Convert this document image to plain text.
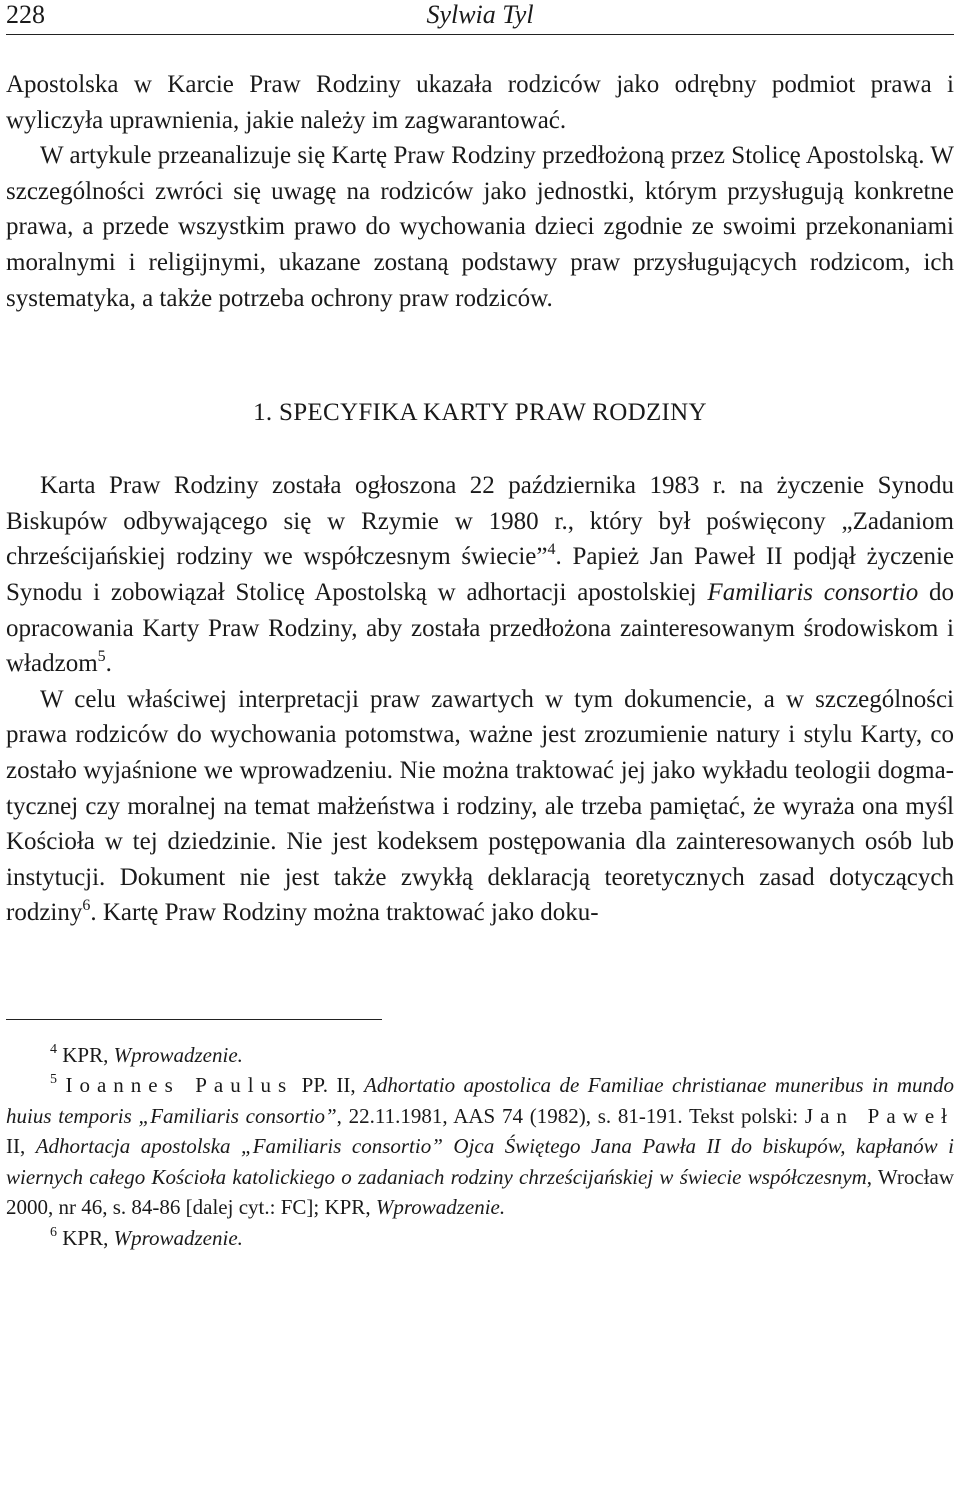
228	Sylwia Tyl

Apostolska w Karcie Praw Rodziny ukazała rodziców jako odrębny podmiot prawa i wyliczyła uprawnienia, jakie należy im zagwarantować.

W artykule przeanalizuje się Kartę Praw Rodziny przedłożoną przez Stolicę Apostolską. W szczególności zwróci się uwagę na rodziców jako jednostki, którym przysługują konkretne prawa, a przede wszystkim prawo do wychowania dzieci zgodnie ze swoimi przekonaniami moralnymi i religijnymi, ukazane zostaną podstawy praw przysługujących rodzicom, ich systematyka, a także potrzeba ochrony praw rodziców.

1. SPECYFIKA KARTY PRAW RODZINY

Karta Praw Rodziny została ogłoszona 22 października 1983 r. na życzenie Synodu Biskupów odbywającego się w Rzymie w 1980 r., który był poświęcony „Zadaniom chrześcijańskiej rodziny we współczesnym świecie”$^4$. Papież Jan Paweł II podjął życzenie Synodu i zobowiązał Stolicę Apostolską w adhortacji apostolskiej Familiaris consortio do opracowania Karty Praw Rodziny, aby została przedłożona zainteresowanym środowiskom i władzom$^5$.

W celu właściwej interpretacji praw zawartych w tym dokumencie, a w szczególności prawa rodziców do wychowania potomstwa, ważne jest zrozumienie natury i stylu Karty, co zostało wyjaśnione we wprowadzeniu. Nie można traktować jej jako wykładu teologii dogmatycznej czy moralnej na temat małżeństwa i rodziny, ale trzeba pamiętać, że wyraża ona myśl Kościoła w tej dziedzinie. Nie jest kodeksem postępowania dla zainteresowanych osób lub instytucji. Dokument nie jest także zwykłą deklaracją teoretycznych zasad dotyczących rodziny$^6$. Kartę Praw Rodziny można traktować jako doku-

$^4$ KPR, Wprowadzenie.

$^5$ Ioannes Paulus PP. II, Adhortatio apostolica de Familiae christianae muneribus in mundo huius temporis „Familiaris consortio”, 22.11.1981, AAS 74 (1982), s. 81-191. Tekst polski: Jan Paweł II, Adhortacja apostolska „Familiaris consortio” Ojca Świętego Jana Pawła II do biskupów, kapłanów i wiernych całego Kościoła katolickiego o zadaniach rodziny chrześcijańskiej w świecie współczesnym, Wrocław 2000, nr 46, s. 84-86 [dalej cyt.: FC]; KPR, Wprowadzenie.

$^6$ KPR, Wprowadzenie.
